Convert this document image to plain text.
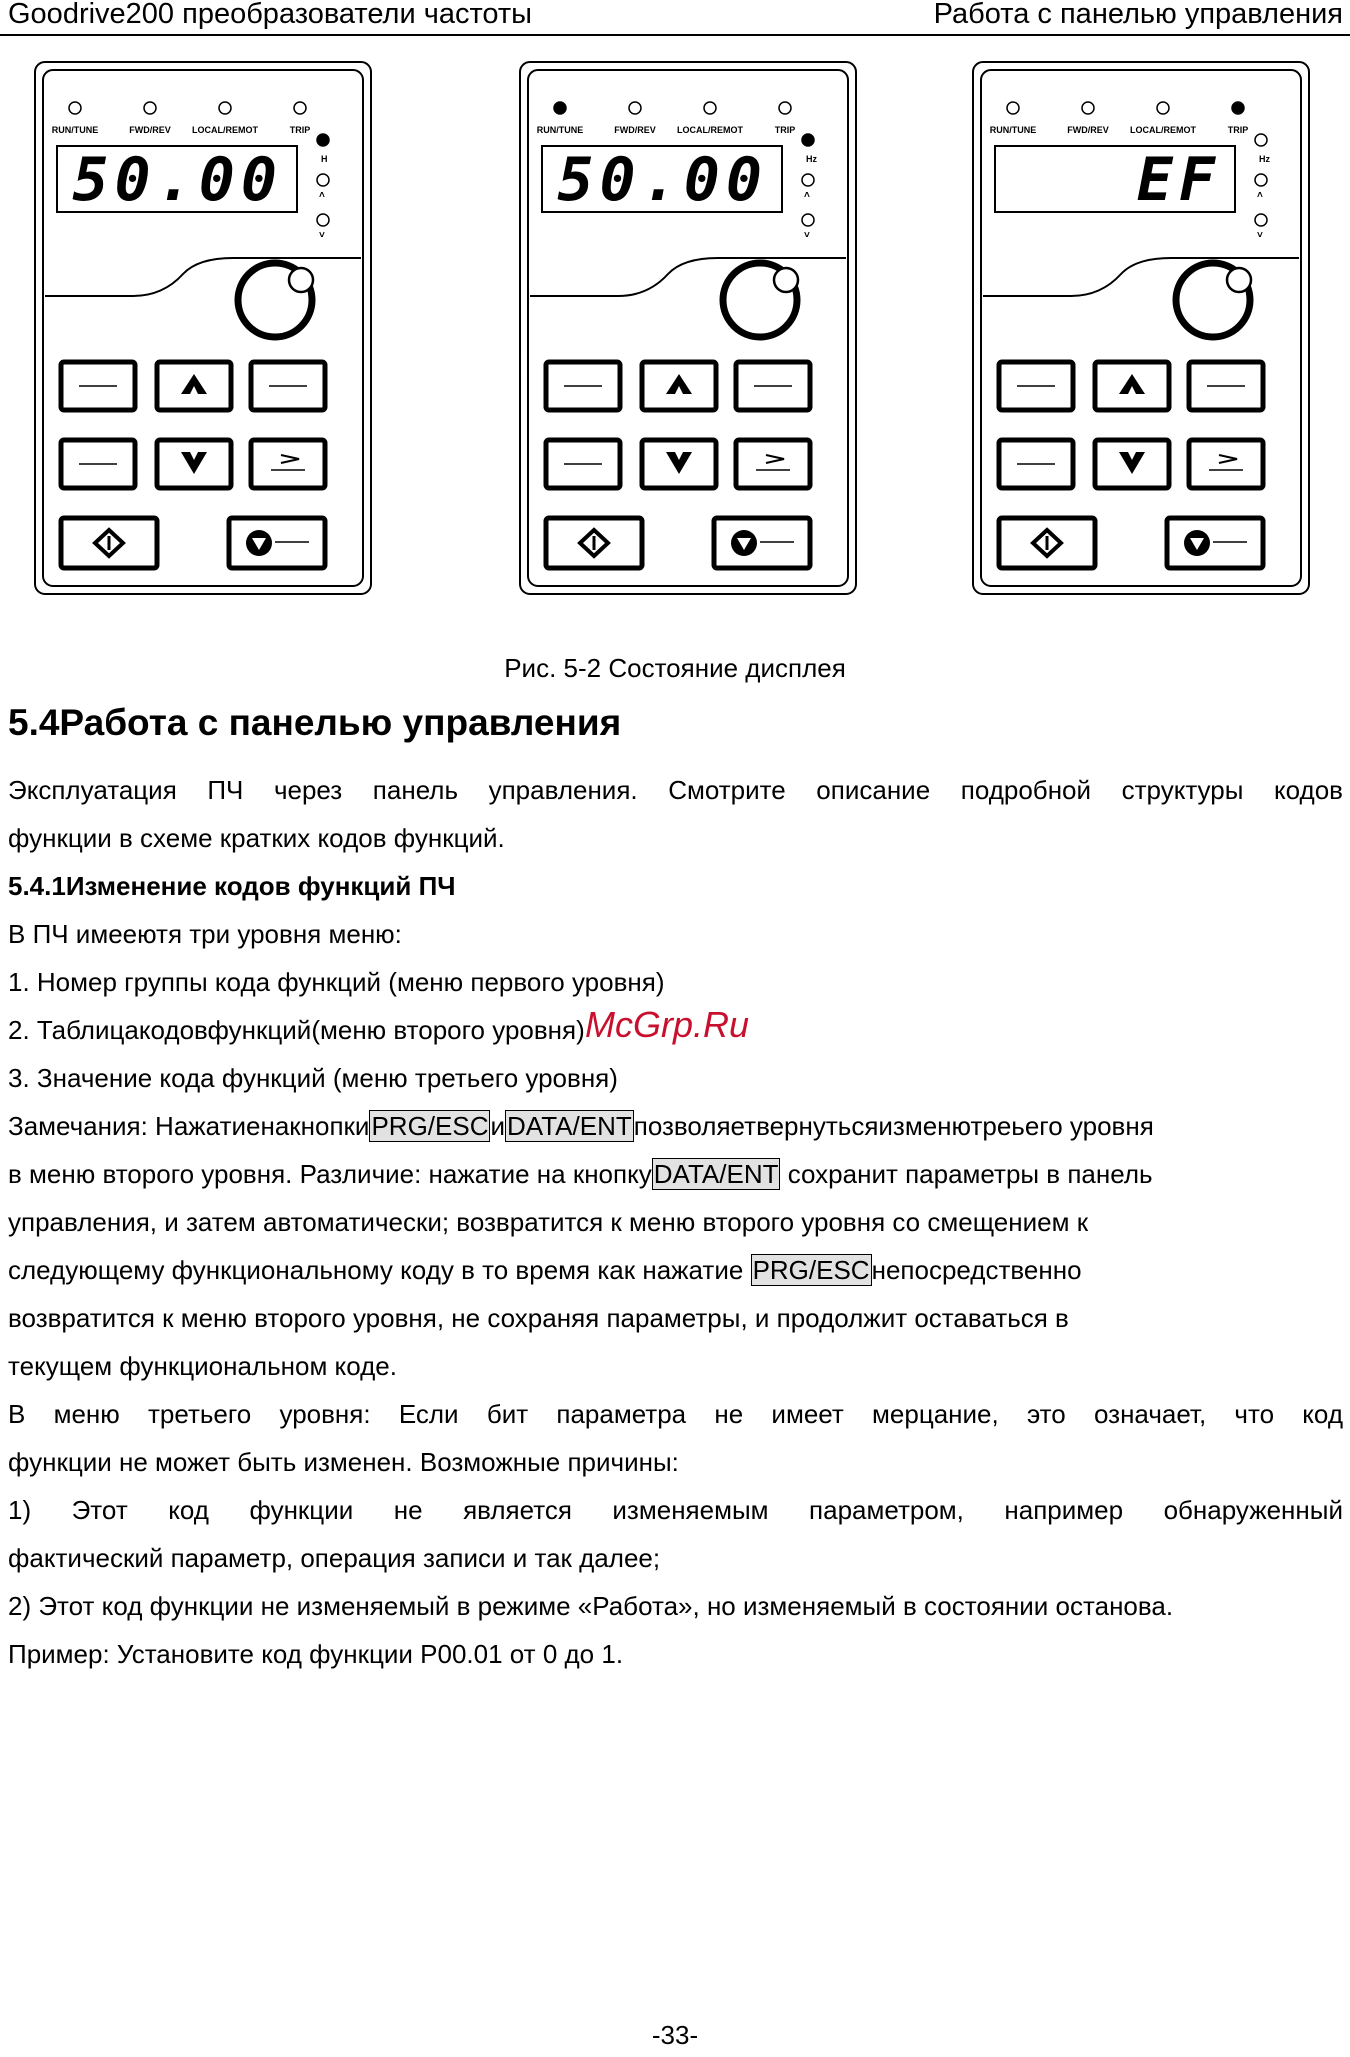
Goodrive200 преобразователи частоты	Работа с панелью управления
RUN/TUNE	FWD/REV LOCAL/REMOT	TRIP
50.00	H
˄
˅
RUN/TUNE	FWD/REV LOCAL/REMOT	TRIP
50.00	Hz
˄
˅
RUN/TUNE	FWD/REV LOCAL/REMOT	TRIP
EF	Hz
˄
˅
Рис. 5-2 Состояние дисплея
5.4Работа с панелью управления

Эксплуатация ПЧ через панель управления. Смотрите описание подробной структуры кодов

функции в схеме кратких кодов функций.

5.4.1Изменение кодов функций ПЧ

В ПЧ имееютя три уровня меню:

1. Номер группы кода функций (меню первого уровня)

2. Таблицакодовфункций(меню второго уровня)

3. Значение кода функций (меню третьего уровня)

Замечания: НажатиенакнопкиPRG/ESCиDATA/ENTпозволяетвернутьсяизменютреьего уровня

в меню второго уровня. Различие: нажатие на кнопкуDATA/ENT сохранит параметры в панель

управления, и затем автоматически; возвратится к меню второго уровня со смещением к

следующему функциональному коду в то время как нажатие PRG/ESCнепосредственно

возвратится к меню второго уровня, не сохраняя параметры, и продолжит оставаться в

текущем функциональном коде.

В меню третьего уровня: Если бит параметра не имеет мерцание, это означает, что код

функции не может быть изменен. Возможные причины:

1) Этот код функции не является изменяемым параметром, например обнаруженный

фактический параметр, операция записи и так далее;

2) Этот код функции не изменяемый в режиме «Работа», но изменяемый в состоянии останова.

Пример: Установите код функции P00.01 от 0 до 1.

McGrp.Ru
-33-
